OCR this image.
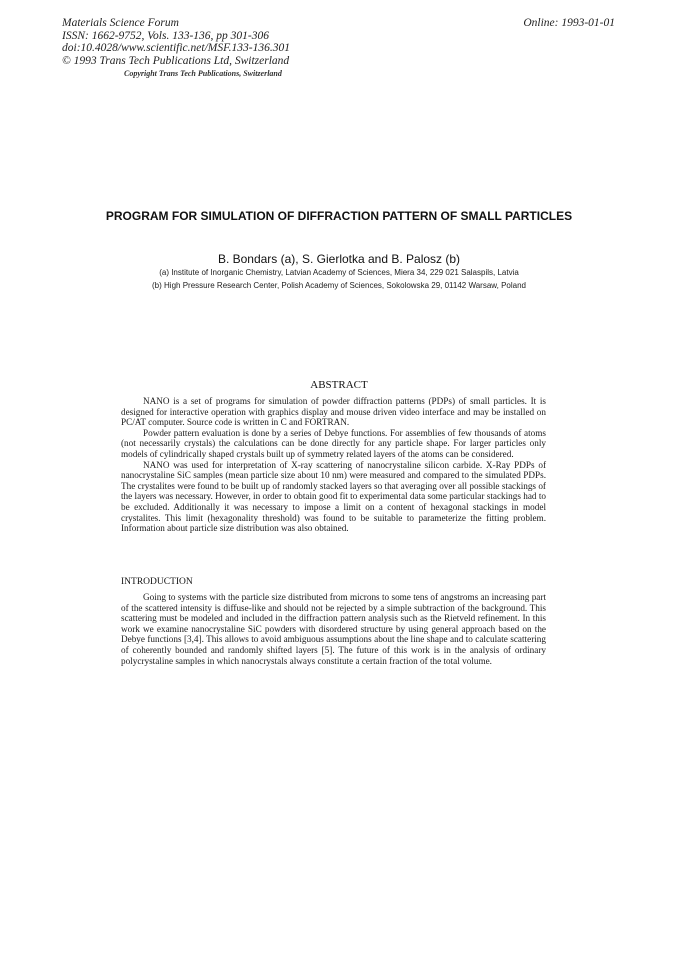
Materials Science Forum
ISSN: 1662-9752, Vols. 133-136, pp 301-306
doi:10.4028/www.scientific.net/MSF.133-136.301
© 1993 Trans Tech Publications Ltd, Switzerland
Online: 1993-01-01
Copyright Trans Tech Publications, Switzerland
PROGRAM FOR SIMULATION OF DIFFRACTION PATTERN OF SMALL PARTICLES
B. Bondars (a), S. Gierlotka and B. Palosz (b)
(a) Institute of Inorganic Chemistry, Latvian Academy of Sciences, Miera 34, 229 021 Salaspils, Latvia
(b) High Pressure Research Center, Polish Academy of Sciences, Sokolowska 29, 01142 Warsaw, Poland
ABSTRACT

NANO is a set of programs for simulation of powder diffraction patterns (PDPs) of small particles. It is designed for interactive operation with graphics display and mouse driven video interface and may be installed on PC/AT computer. Source code is written in C and FORTRAN.

Powder pattern evaluation is done by a series of Debye functions. For assemblies of few thousands of atoms (not necessarily crystals) the calculations can be done directly for any particle shape. For larger particles only models of cylindrically shaped crystals built up of symmetry related layers of the atoms can be considered.

NANO was used for interpretation of X-ray scattering of nanocrystaline silicon carbide. X-Ray PDPs of nanocrystaline SiC samples (mean particle size about 10 nm) were measured and compared to the simulated PDPs. The crystalites were found to be built up of randomly stacked layers so that averaging over all possible stackings of the layers was necessary. However, in order to obtain good fit to experimental data some particular stackings had to be excluded. Additionally it was necessary to impose a limit on a content of hexagonal stackings in model crystalites. This limit (hexagonality threshold) was found to be suitable to parameterize the fitting problem. Information about particle size distribution was also obtained.

INTRODUCTION

Going to systems with the particle size distributed from microns to some tens of angstroms an increasing part of the scattered intensity is diffuse-like and should not be rejected by a simple subtraction of the background. This scattering must be modeled and included in the diffraction pattern analysis such as the Rietveld refinement. In this work we examine nanocrystaline SiC powders with disordered structure by using general approach based on the Debye functions [3,4]. This allows to avoid ambiguous assumptions about the line shape and to calculate scattering of coherently bounded and randomly shifted layers [5]. The future of this work is in the analysis of ordinary polycrystaline samples in which nanocrystals always constitute a certain fraction of the total volume.
